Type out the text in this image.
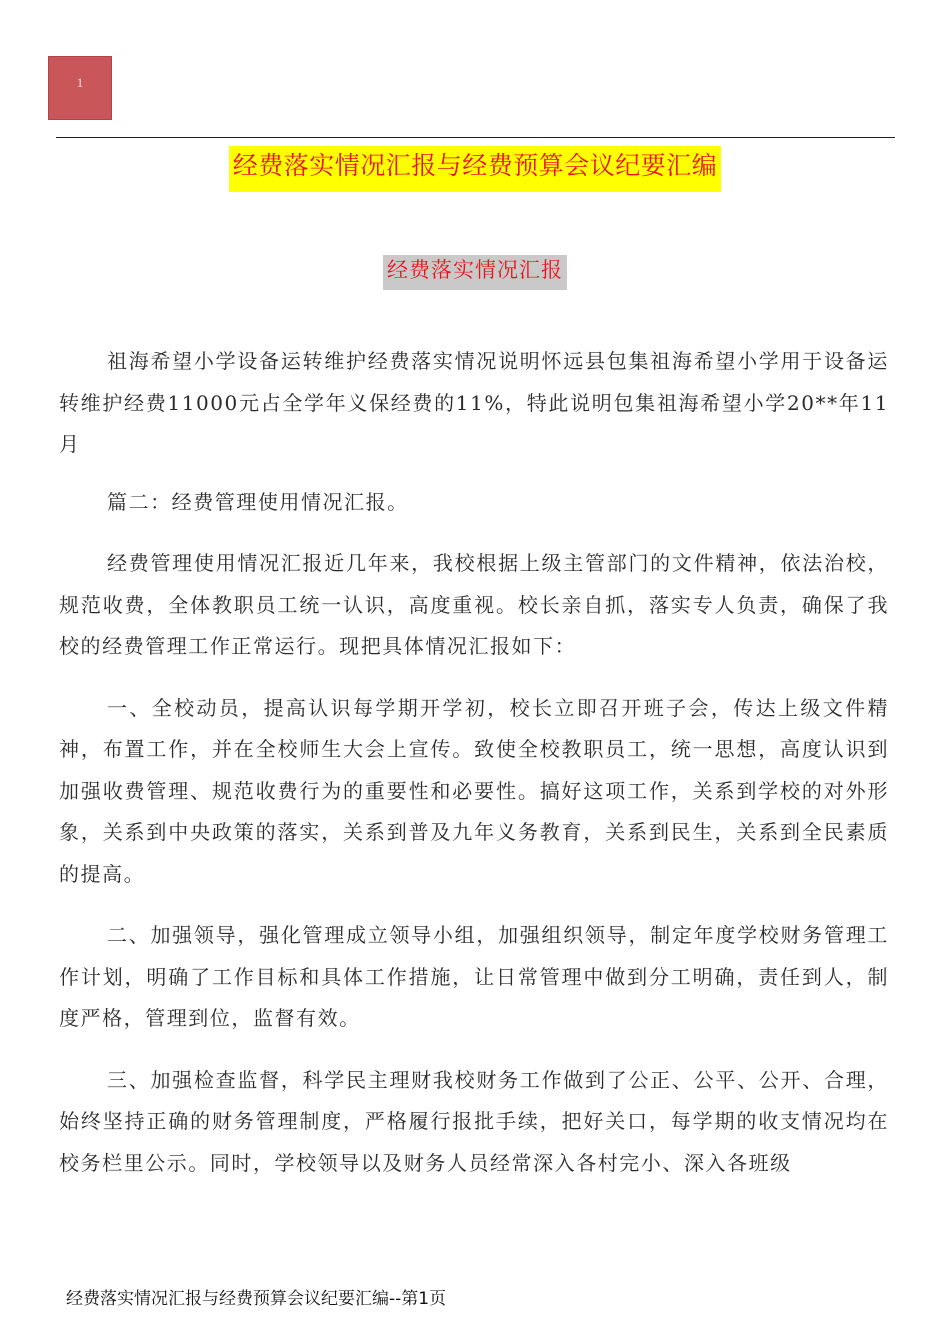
1
经费落实情况汇报与经费预算会议纪要汇编
经费落实情况汇报

祖海希望小学设备运转维护经费落实情况说明怀远县包集祖海希望小学用于设备运转维护经费11000元占全学年义保经费的11%，特此说明包集祖海希望小学20**年11月

篇二：经费管理使用情况汇报。

经费管理使用情况汇报近几年来，我校根据上级主管部门的文件精神，依法治校，规范收费，全体教职员工统一认识，高度重视。校长亲自抓，落实专人负责，确保了我校的经费管理工作正常运行。现把具体情况汇报如下：

一、全校动员，提高认识每学期开学初，校长立即召开班子会，传达上级文件精神，布置工作，并在全校师生大会上宣传。致使全校教职员工，统一思想，高度认识到加强收费管理、规范收费行为的重要性和必要性。搞好这项工作，关系到学校的对外形象，关系到中央政策的落实，关系到普及九年义务教育，关系到民生，关系到全民素质的提高。

二、加强领导，强化管理成立领导小组，加强组织领导，制定年度学校财务管理工作计划，明确了工作目标和具体工作措施，让日常管理中做到分工明确，责任到人，制度严格，管理到位，监督有效。

三、加强检查监督，科学民主理财我校财务工作做到了公正、公平、公开、合理，始终坚持正确的财务管理制度，严格履行报批手续，把好关口，每学期的收支情况均在校务栏里公示。同时，学校领导以及财务人员经常深入各村完小、深入各班级

经费落实情况汇报与经费预算会议纪要汇编--第1页
